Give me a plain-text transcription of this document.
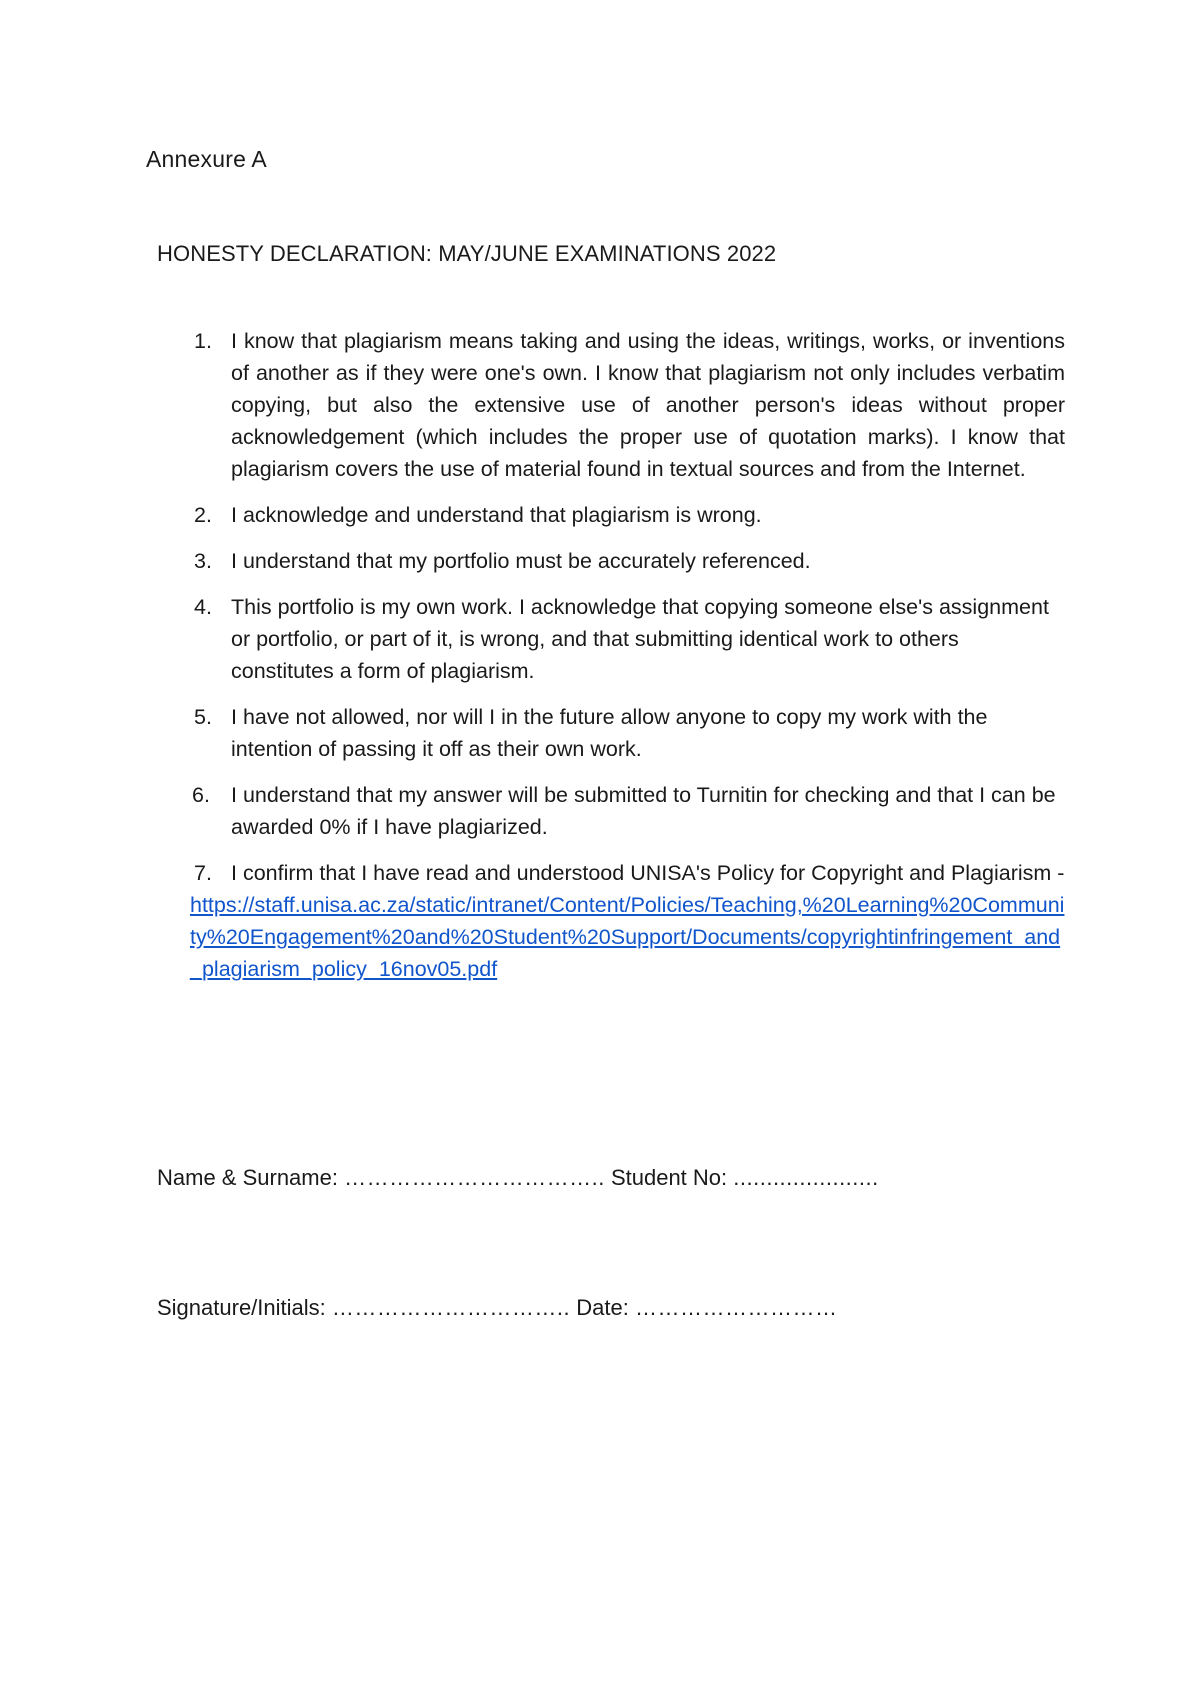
Annexure A
HONESTY DECLARATION: MAY/JUNE EXAMINATIONS 2022
1. I know that plagiarism means taking and using the ideas, writings, works, or inventions of another as if they were one's own. I know that plagiarism not only includes verbatim copying, but also the extensive use of another person's ideas without proper acknowledgement (which includes the proper use of quotation marks). I know that plagiarism covers the use of material found in textual sources and from the Internet.
2. I acknowledge and understand that plagiarism is wrong.
3. I understand that my portfolio must be accurately referenced.
4. This portfolio is my own work. I acknowledge that copying someone else's assignment or portfolio, or part of it, is wrong, and that submitting identical work to others constitutes a form of plagiarism.
5. I have not allowed, nor will I in the future allow anyone to copy my work with the intention of passing it off as their own work.
6. I understand that my answer will be submitted to Turnitin for checking and that I can be awarded 0% if I have plagiarized.
7. I confirm that I have read and understood UNISA's Policy for Copyright and Plagiarism - https://staff.unisa.ac.za/static/intranet/Content/Policies/Teaching,%20Learning%20Community%20Engagement%20and%20Student%20Support/Documents/copyrightinfringement_and_plagiarism_policy_16nov05.pdf
Name & Surname: …………………………….. Student No: ......................
Signature/Initials: ………………………….. Date: ………………………
